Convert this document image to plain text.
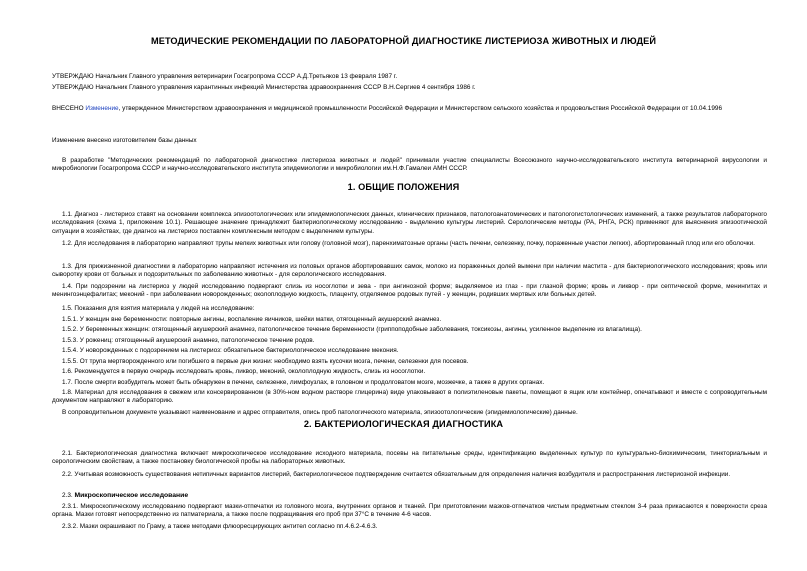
МЕТОДИЧЕСКИЕ РЕКОМЕНДАЦИИ ПО ЛАБОРАТОРНОЙ ДИАГНОСТИКЕ ЛИСТЕРИОЗА ЖИВОТНЫХ И ЛЮДЕЙ

УТВЕРЖДАЮ Начальник Главного управления ветеринарии Госагропрома СССР А.Д.Третьяков 13 февраля 1987 г.

УТВЕРЖДАЮ Начальник Главного управления карантинных инфекций Министерства здравоохранения СССР В.Н.Сергиев 4 сентября 1986 г.

ВНЕСЕНО Изменение, утвержденное Министерством здравоохранения и медицинской промышленности Российской Федерации и Министерством сельского хозяйства и продовольствия Российской Федерации от 10.04.1996

Изменение внесено изготовителем базы данных

В разработке "Методических рекомендаций по лабораторной диагностике листериоза животных и людей" принимали участие специалисты Всесоюзного научно-исследовательского института ветеринарной вирусологии и микробиологии Госагропрома СССР и научно-исследовательского института эпидемиологии и микробиологии им.Н.Ф.Гамалеи АМН СССР.

1. ОБЩИЕ ПОЛОЖЕНИЯ

1.1. Диагноз - листериоз ставят на основании комплекса эпизоотологических или эпидемиологических данных, клинических признаков, патологоанатомических и патологогистологических изменений, а также результатов лабораторного исследования (схема 1, приложение 10.1). Решающее значение принадлежит бактериологическому исследованию - выделению культуры листерий. Серологические методы (РА, РНГА, РСК) применяют для выяснения эпизоотической ситуации в хозяйствах, где диагноз на листериоз поставлен комплексным методом с выделением культуры.

1.2. Для исследования в лабораторию направляют трупы мелких животных или голову (головной мозг), паренхиматозные органы (часть печени, селезенку, почку, пораженные участки легких), абортированный плод или его оболочки.

1.3. Для прижизненной диагностики в лабораторию направляют истечения из половых органов абортировавших самок, молоко из пораженных долей вымени при наличии мастита - для бактериологического исследования; кровь или сыворотку крови от больных и подозрительных по заболеванию животных - для серологического исследования.

1.4. При подозрении на листериоз у людей исследованию подвергают слизь из носоглотки и зева - при ангинозной форме; выделяемое из глаз - при глазной форме; кровь и ликвор - при септической форме, менингитах и менингоэнцефалитах; меконий - при заболевании новорожденных; околоплодную жидкость, плаценту, отделяемое родовых путей - у женщин, родивших мертвых или больных детей.

1.5. Показания для взятия материала у людей на исследование:

1.5.1. У женщин вне беременности: повторные ангины, воспаление яичников, шейки матки, отягощенный акушерский анамнез.

1.5.2. У беременных женщин: отягощенный акушерский анамнез, патологическое течение беременности (гриппоподобные заболевания, токсикозы, ангины, усиленное выделение из влагалища).

1.5.3. У рожениц: отягощенный акушерский анамнез, патологическое течение родов.

1.5.4. У новорожденных с подозрением на листериоз: обязательное бактериологическое исследование мекония.

1.5.5. От трупа мертворожденного или погибшего в первые дни жизни: необходимо взять кусочки мозга, печени, селезенки для посевов.

1.6. Рекомендуется в первую очередь исследовать кровь, ликвор, меконий, околоплодную жидкость, слизь из носоглотки.

1.7. После смерти возбудитель может быть обнаружен в печени, селезенке, лимфоузлах, в головном и продолговатом мозге, мозжечке, а также в других органах.

1.8. Материал для исследования в свежем или консервированном (в 30%-ном водном растворе глицерина) виде упаковывают в полиэтиленовые пакеты, помещают в ящик или контейнер, опечатывают и вместе с сопроводительным документом направляют в лабораторию.

В сопроводительном документе указывают наименование и адрес отправителя, опись проб патологического материала, эпизоотологические (эпидемиологические) данные.

2. БАКТЕРИОЛОГИЧЕСКАЯ ДИАГНОСТИКА

2.1. Бактериологическая диагностика включает микроскопическое исследование исходного материала, посевы на питательные среды, идентификацию выделенных культур по культурально-биохимическим, тинкториальным и серологическим свойствам, а также постановку биологической пробы на лабораторных животных.

2.2. Учитывая возможность существования нетипичных вариантов листерий, бактериологическое подтверждение считается обязательным для определения наличия возбудителя и распространения листериозной инфекции.

2.3. Микроскопическое исследование

2.3.1. Микроскопическому исследованию подвергают мазки-отпечатки из головного мозга, внутренних органов и тканей. При приготовлении мазков-отпечатков чистым предметным стеклом 3-4 раза прикасаются к поверхности среза органа. Мазки готовят непосредственно из патматериала, а также после подращивания его проб при 37°С в течение 4-6 часов.

2.3.2. Мазки окрашивают по Граму, а также методами флюоресцирующих антител согласно пп.4.6.2-4.6.3.
